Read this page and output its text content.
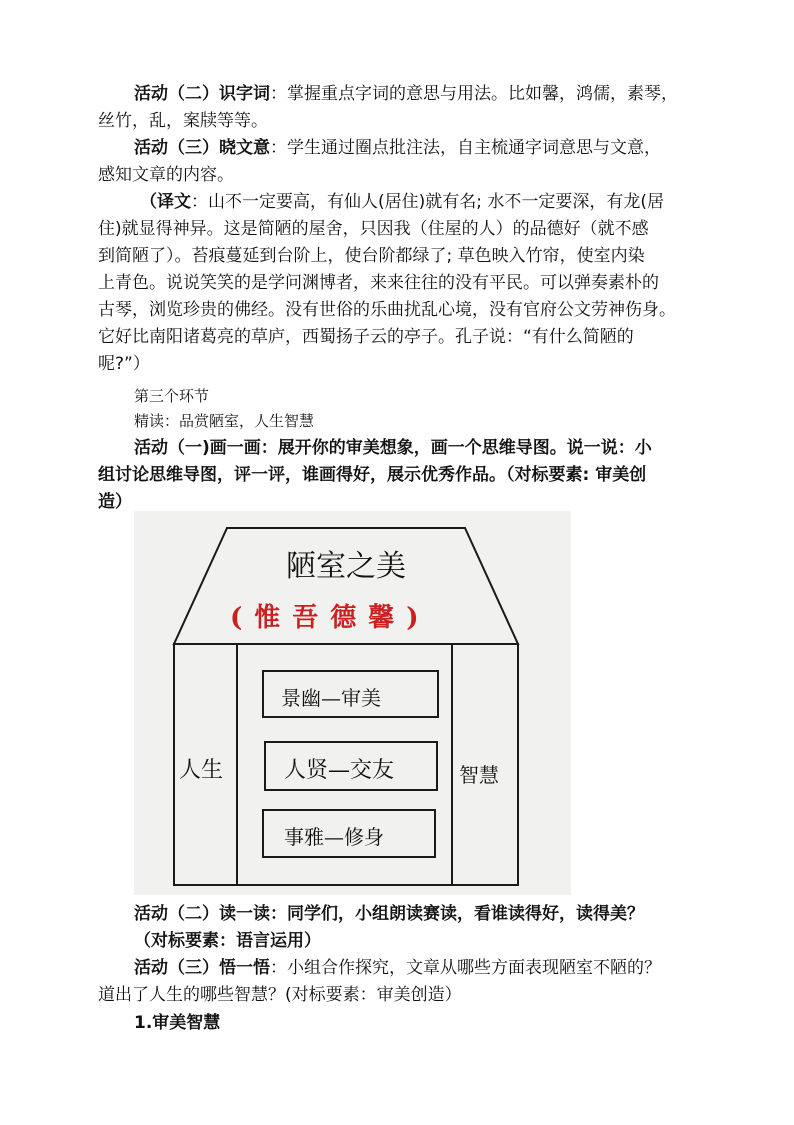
活动（二）识字词：掌握重点字词的意思与用法。比如馨，鸿儒，素琴，
丝竹，乱，案牍等等。
活动（三）晓文意：学生通过圈点批注法，自主梳通字词意思与文意，
感知文章的内容。
（译文：山不一定要高，有仙人(居住)就有名; 水不一定要深，有龙(居
住)就显得神异。这是简陋的屋舍，只因我（住屋的人）的品德好（就不感
到简陋了）。苔痕蔓延到台阶上，使台阶都绿了; 草色映入竹帘，使室内染
上青色。说说笑笑的是学问渊博者，来来往往的没有平民。可以弹奏素朴的
古琴，浏览珍贵的佛经。没有世俗的乐曲扰乱心境，没有官府公文劳神伤身。
它好比南阳诸葛亮的草庐，西蜀扬子云的亭子。孔子说：“有什么简陋的
呢?”）
第三个环节
精读：品赏陋室，人生智慧
活动（一)画一画：展开你的审美想象，画一个思维导图。说一说：小
组讨论思维导图，评一评，谁画得好，展示优秀作品。（对标要素: 审美创
造）
陋室之美
(惟吾德馨)
人生	智慧
景幽—审美
人贤—交友
事雅—修身
活动（二）读一读：同学们，小组朗读赛读，看谁读得好，读得美？
（对标要素：语言运用）
活动（三）悟一悟：小组合作探究，文章从哪些方面表现陋室不陋的？
道出了人生的哪些智慧？(对标要素：审美创造）
1.审美智慧
